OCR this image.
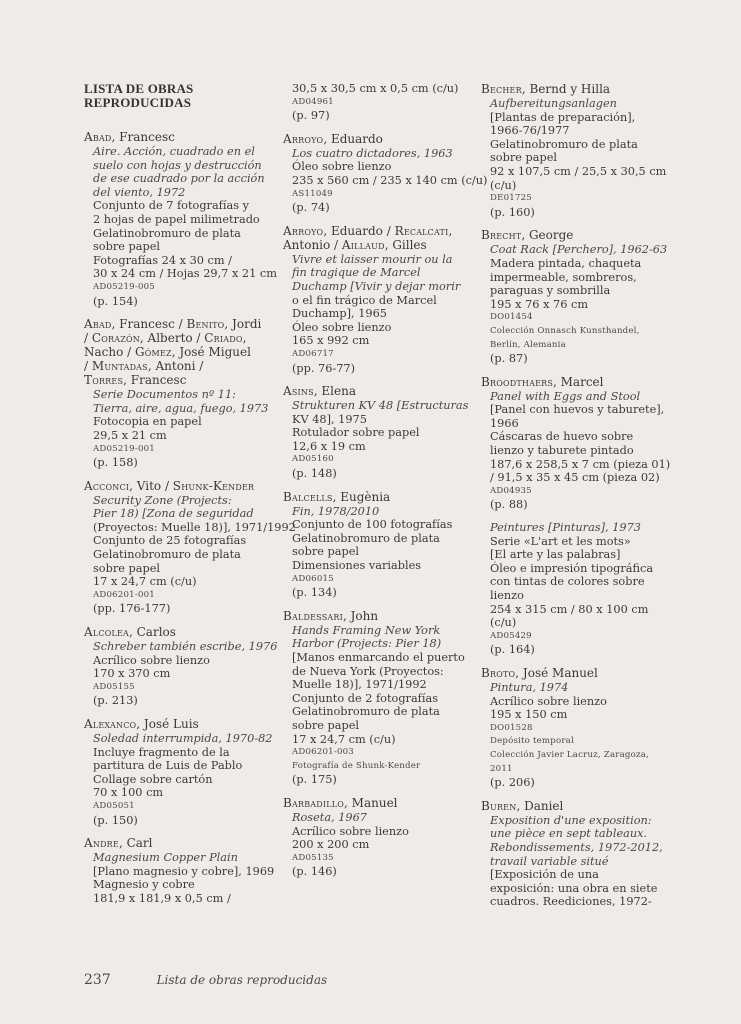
LISTA DE OBRAS
REPRODUCIDAS
Abad, Francesc
Aire. Acción, cuadrado en el
suelo con hojas y destrucción
de ese cuadrado por la acción
del viento, 1972
Conjunto de 7 fotografías y
2 hojas de papel milimetrado
Gelatinobromuro de plata
sobre papel
Fotografías 24 x 30 cm /
30 x 24 cm / Hojas 29,7 x 21 cm
AD05219-005
(p. 154)
Abad, Francesc / Benito, Jordi
/ Corazón, Alberto / Criado,
Nacho / Gómez, José Miguel
/ Muntadas, Antoni /
Torres, Francesc
Serie Documentos nº 11:
Tierra, aire, agua, fuego, 1973
Fotocopia en papel
29,5 x 21 cm
AD05219-001
(p. 158)
Acconci, Vito / Shunk-Kender
Security Zone (Projects:
Pier 18) [Zona de seguridad
(Proyectos: Muelle 18)], 1971/1992
Conjunto de 25 fotografías
Gelatinobromuro de plata
sobre papel
17 x 24,7 cm (c/u)
AD06201-001
(pp. 176-177)
Alcolea, Carlos
Schreber también escribe, 1976
Acrílico sobre lienzo
170 x 370 cm
AD05155
(p. 213)
Alexanco, José Luis
Soledad interrumpida, 1970-82
Incluye fragmento de la
partitura de Luis de Pablo
Collage sobre cartón
70 x 100 cm
AD05051
(p. 150)
Andre, Carl
Magnesium Copper Plain
[Plano magnesio y cobre], 1969
Magnesio y cobre
181,9 x 181,9 x 0,5 cm /
30,5 x 30,5 cm x 0,5 cm (c/u)
AD04961
(p. 97)
Arroyo, Eduardo
Los cuatro dictadores, 1963
Óleo sobre lienzo
235 x 560 cm / 235 x 140 cm (c/u)
AS11049
(p. 74)
Arroyo, Eduardo / Recalcati,
Antonio / Aillaud, Gilles
Vivre et laisser mourir ou la
fin tragique de Marcel
Duchamp [Vivir y dejar morir
o el fin trágico de Marcel
Duchamp], 1965
Óleo sobre lienzo
165 x 992 cm
AD06717
(pp. 76-77)
Asins, Elena
Strukturen KV 48 [Estructuras
KV 48], 1975
Rotulador sobre papel
12,6 x 19 cm
AD05160
(p. 148)
Balcells, Eugènia
Fin, 1978/2010
Conjunto de 100 fotografías
Gelatinobromuro de plata
sobre papel
Dimensiones variables
AD06015
(p. 134)
Baldessari, John
Hands Framing New York
Harbor (Projects: Pier 18)
[Manos enmarcando el puerto
de Nueva York (Proyectos:
Muelle 18)], 1971/1992
Conjunto de 2 fotografías
Gelatinobromuro de plata
sobre papel
17 x 24,7 cm (c/u)
AD06201-003
Fotografía de Shunk-Kender
(p. 175)
Barbadillo, Manuel
Roseta, 1967
Acrílico sobre lienzo
200 x 200 cm
AD05135
(p. 146)
Becher, Bernd y Hilla
Aufbereitungsanlagen
[Plantas de preparación],
1966-76/1977
Gelatinobromuro de plata
sobre papel
92 x 107,5 cm / 25,5 x 30,5 cm
(c/u)
DE01725
(p. 160)
Brecht, George
Coat Rack [Perchero], 1962-63
Madera pintada, chaqueta
impermeable, sombreros,
paraguas y sombrilla
195 x 76 x 76 cm
DO01454
Colección Onnasch Kunsthandel,
Berlín, Alemania
(p. 87)
Broodthaers, Marcel
Panel with Eggs and Stool
[Panel con huevos y taburete],
1966
Cáscaras de huevo sobre
lienzo y taburete pintado
187,6 x 258,5 x 7 cm (pieza 01)
/ 91,5 x 35 x 45 cm (pieza 02)
AD04935
(p. 88)
Peintures [Pinturas], 1973
Serie «L'art et les mots»
[El arte y las palabras]
Óleo e impresión tipográfica
con tintas de colores sobre
lienzo
254 x 315 cm / 80 x 100 cm
(c/u)
AD05429
(p. 164)
Broto, José Manuel
Pintura, 1974
Acrílico sobre lienzo
195 x 150 cm
DO01528
Depósito temporal
Colección Javier Lacruz, Zaragoza,
2011
(p. 206)
Buren, Daniel
Exposition d'une exposition:
une pièce en sept tableaux.
Rebondissements, 1972-2012,
travail variable situé
[Exposición de una
exposición: una obra en siete
cuadros. Reediciones, 1972-
237	Lista de obras reproducidas
